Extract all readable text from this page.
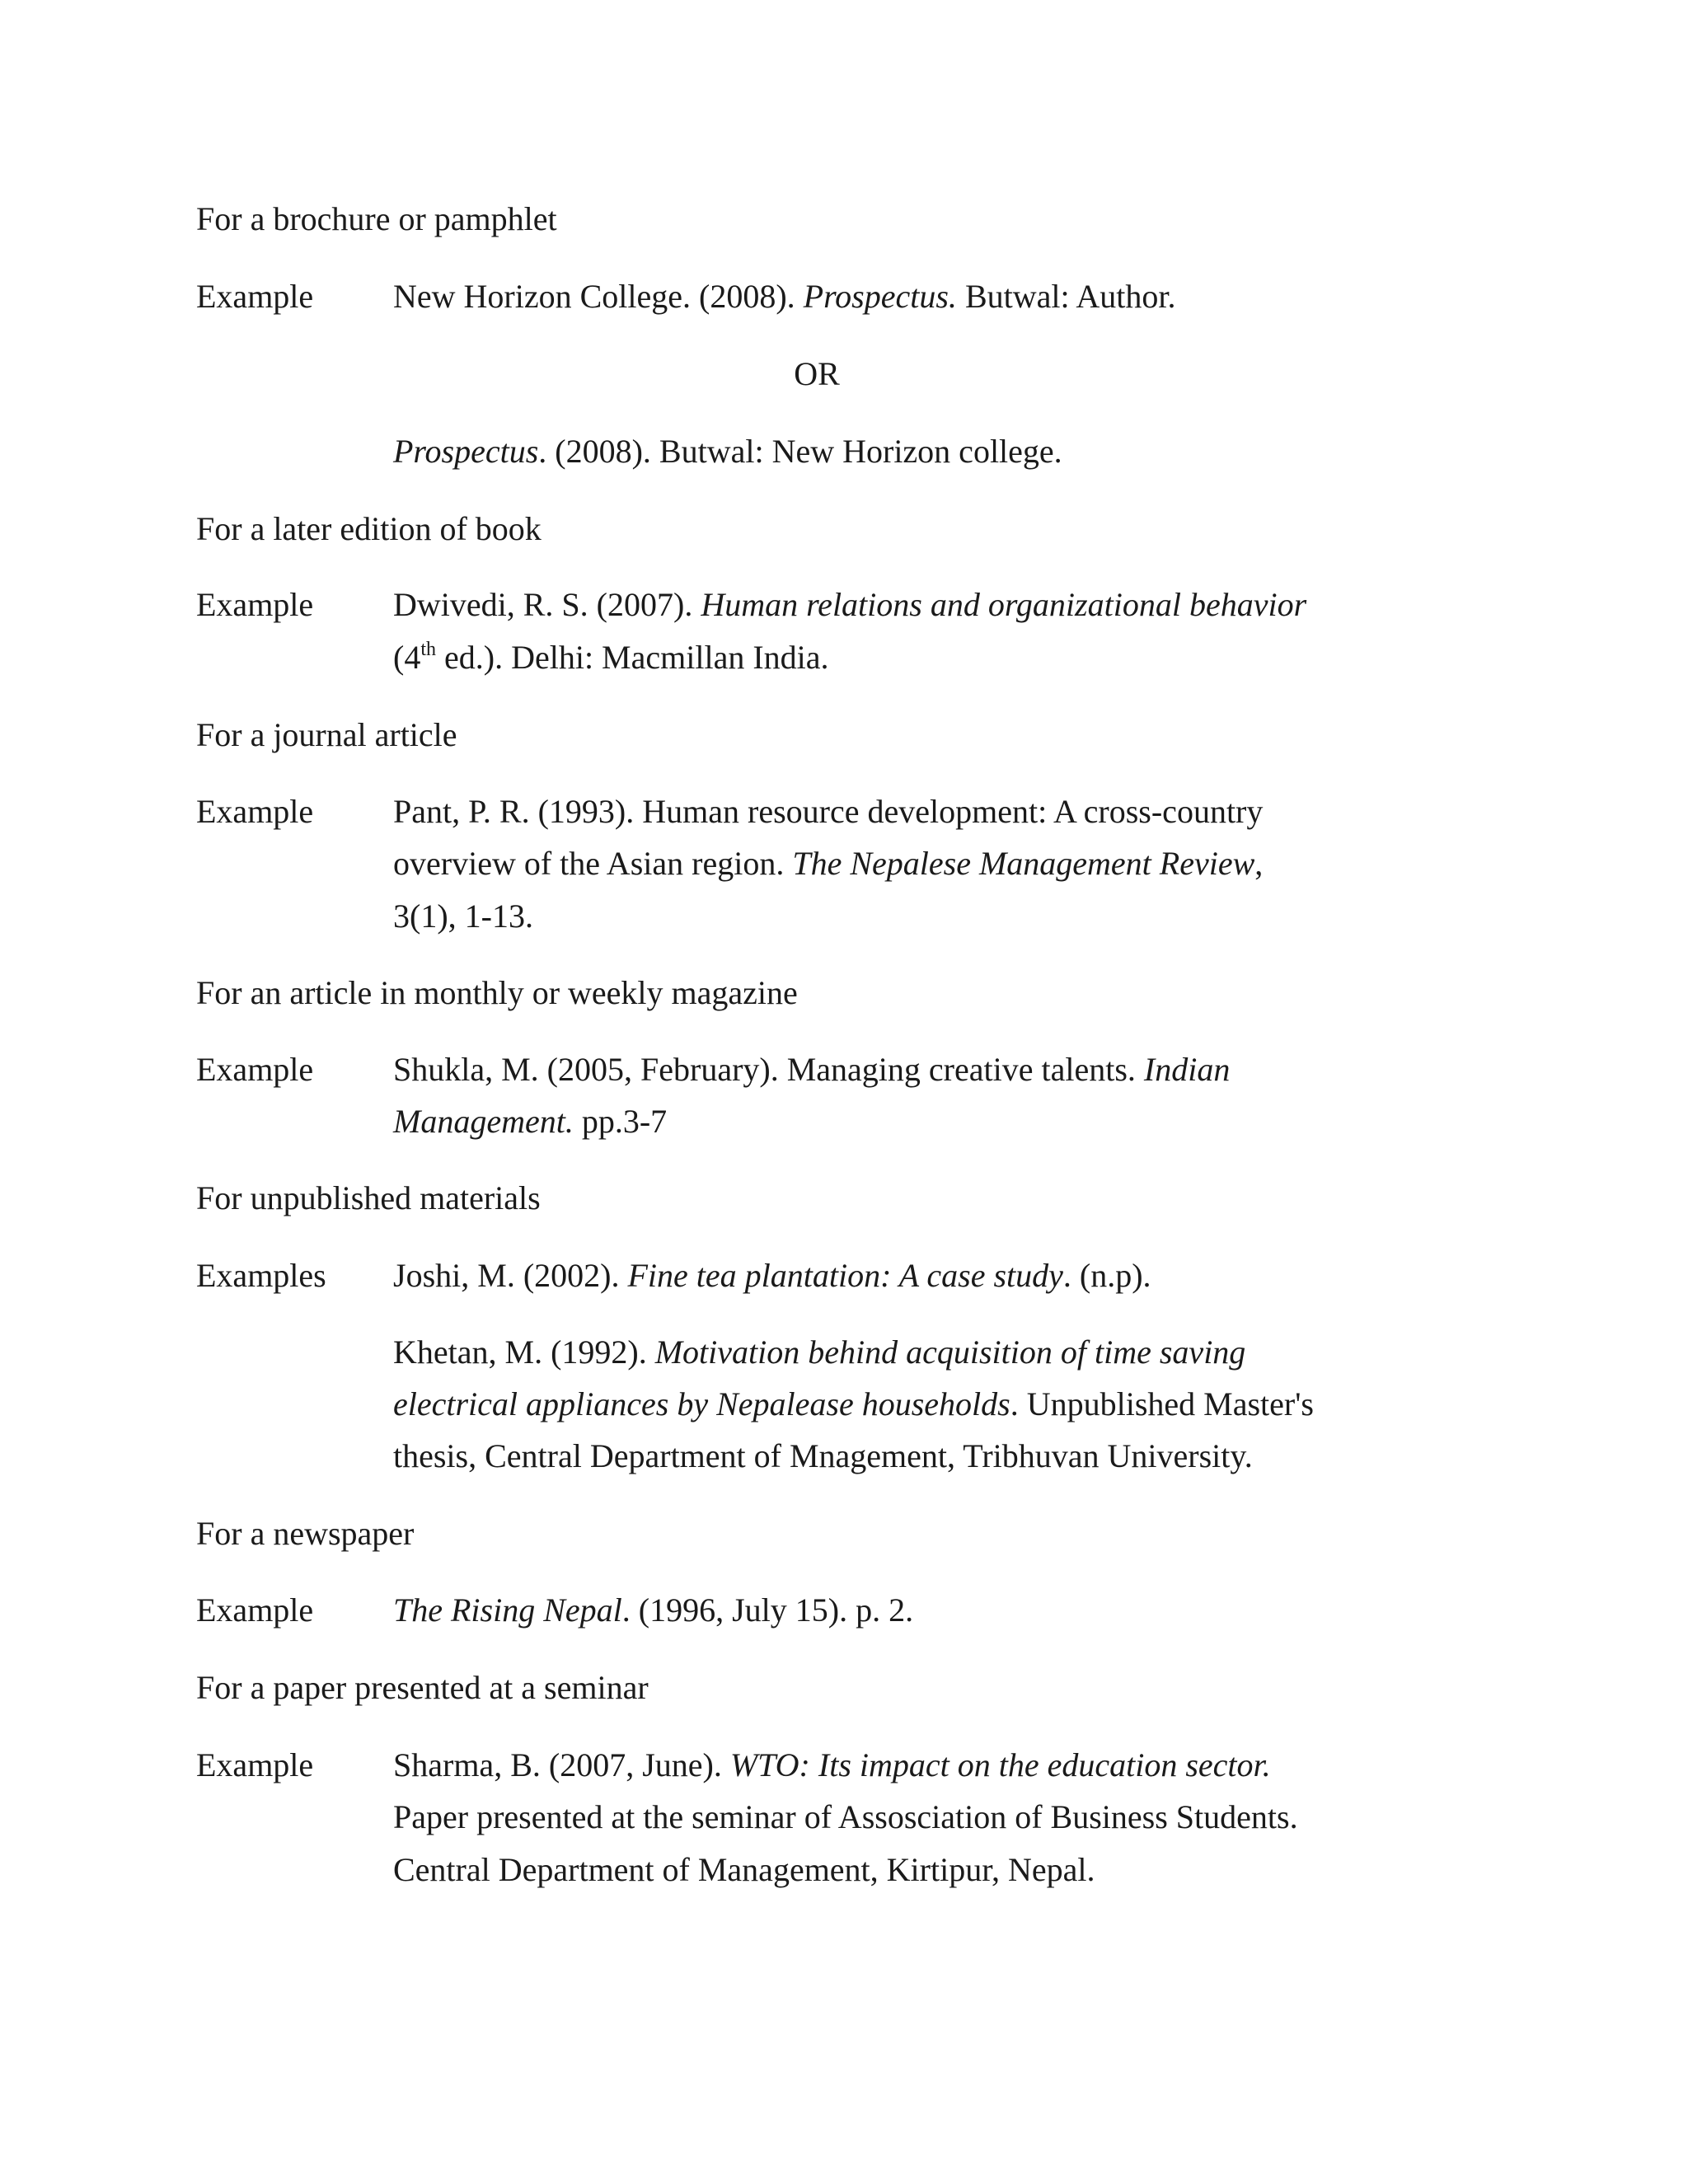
For a brochure or pamphlet

Example New Horizon College. (2008). Prospectus. Butwal: Author.

OR

Prospectus. (2008). Butwal: New Horizon college.

For a later edition of book

Example Dwivedi, R. S. (2007). Human relations and organizational behavior

(4th ed.). Delhi: Macmillan India.

For a journal article

Example Pant, P. R. (1993). Human resource development: A cross-country

overview of the Asian region. The Nepalese Management Review,

3(1), 1-13.

For an article in monthly or weekly magazine

Example Shukla, M. (2005, February). Managing creative talents. Indian

Management. pp.3-7

For unpublished materials

Examples Joshi, M. (2002). Fine tea plantation: A case study. (n.p).

Khetan, M. (1992). Motivation behind acquisition of time saving

electrical appliances by Nepalease households. Unpublished Master's

thesis, Central Department of Mnagement, Tribhuvan University.

For a newspaper

Example The Rising Nepal. (1996, July 15). p. 2.

For a paper presented at a seminar

Example Sharma, B. (2007, June). WTO: Its impact on the education sector.

Paper presented at the seminar of Assosciation of Business Students.

Central Department of Management, Kirtipur, Nepal.
